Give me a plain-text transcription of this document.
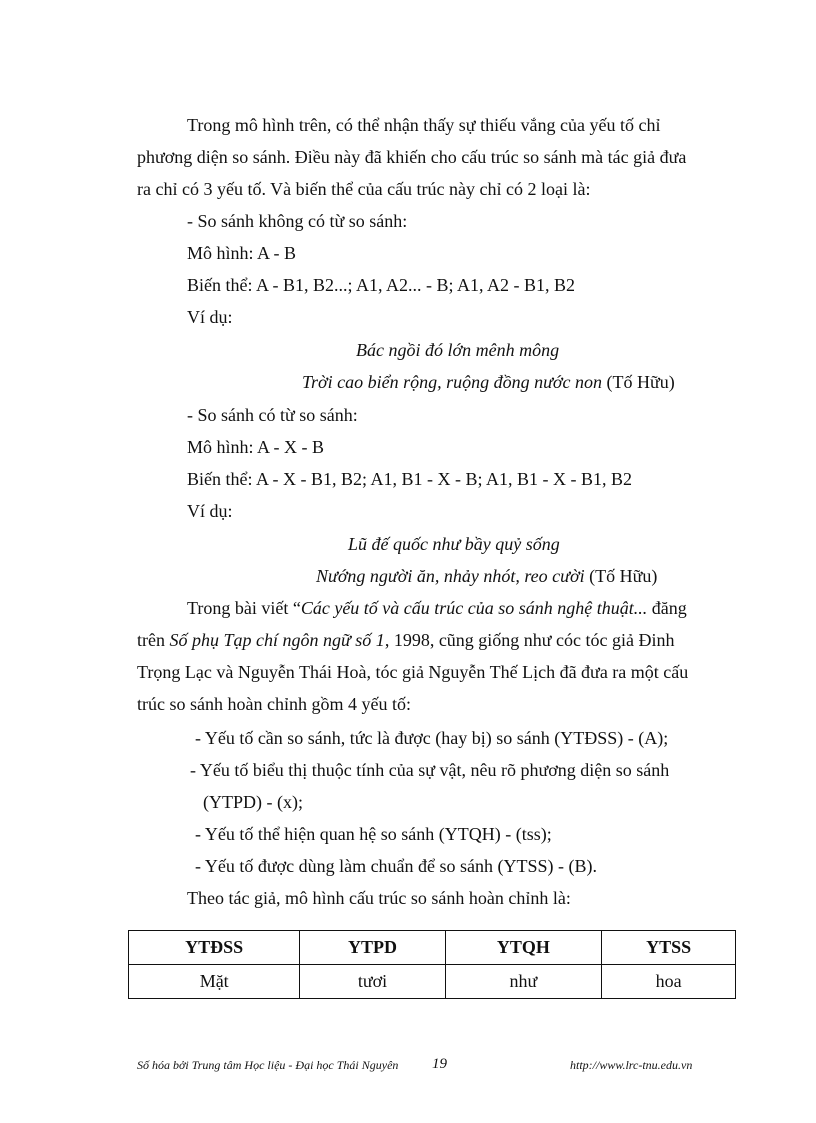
Trong mô hình trên, có thể nhận thấy sự thiếu vắng của yếu tố chỉ
phương diện so sánh. Điều này đã khiến cho cấu trúc so sánh mà tác giả đưa
ra chỉ có 3 yếu tố. Và biến thể của cấu trúc này chỉ có 2 loại là:
- So sánh không có từ so sánh:
Mô hình: A - B
Biến thể: A - B1, B2...; A1, A2... - B; A1, A2 - B1, B2
Ví dụ:
Bác ngồi đó lớn mênh mông
Trời cao biển rộng, ruộng đồng nước non (Tố Hữu)
- So sánh có từ so sánh:
Mô hình: A - X - B
Biến thể: A - X - B1, B2; A1, B1 - X - B; A1, B1 - X - B1, B2
Ví dụ:
Lũ đế quốc như bầy quỷ sống
Nướng người ăn, nhảy nhót, reo cười (Tố Hữu)
Trong bài viết “Các yếu tố và cấu trúc của so sánh nghệ thuật... đăng
trên Số phụ Tạp chí ngôn ngữ số 1, 1998, cũng giống như cóc tóc giả Đinh
Trọng Lạc và Nguyễn Thái Hoà, tóc giả Nguyễn Thế Lịch đã đưa ra một cấu
trúc so sánh hoàn chỉnh gồm 4 yếu tố:
- Yếu tố cần so sánh, tức là được (hay bị) so sánh (YTĐSS) - (A);
- Yếu tố biểu thị thuộc tính của sự vật, nêu rõ phương diện so sánh
(YTPD) - (x);
- Yếu tố thể hiện quan hệ so sánh (YTQH) - (tss);
- Yếu tố được dùng làm chuẩn để so sánh (YTSS) - (B).
Theo tác giả, mô hình cấu trúc so sánh hoàn chỉnh là:
YTĐSS	YTPD	YTQH	YTSS
Mặt	tươi	như	hoa
Số hóa bởi Trung tâm Học liệu - Đại học Thái Nguyên 19	http://www.lrc-tnu.edu.vn
